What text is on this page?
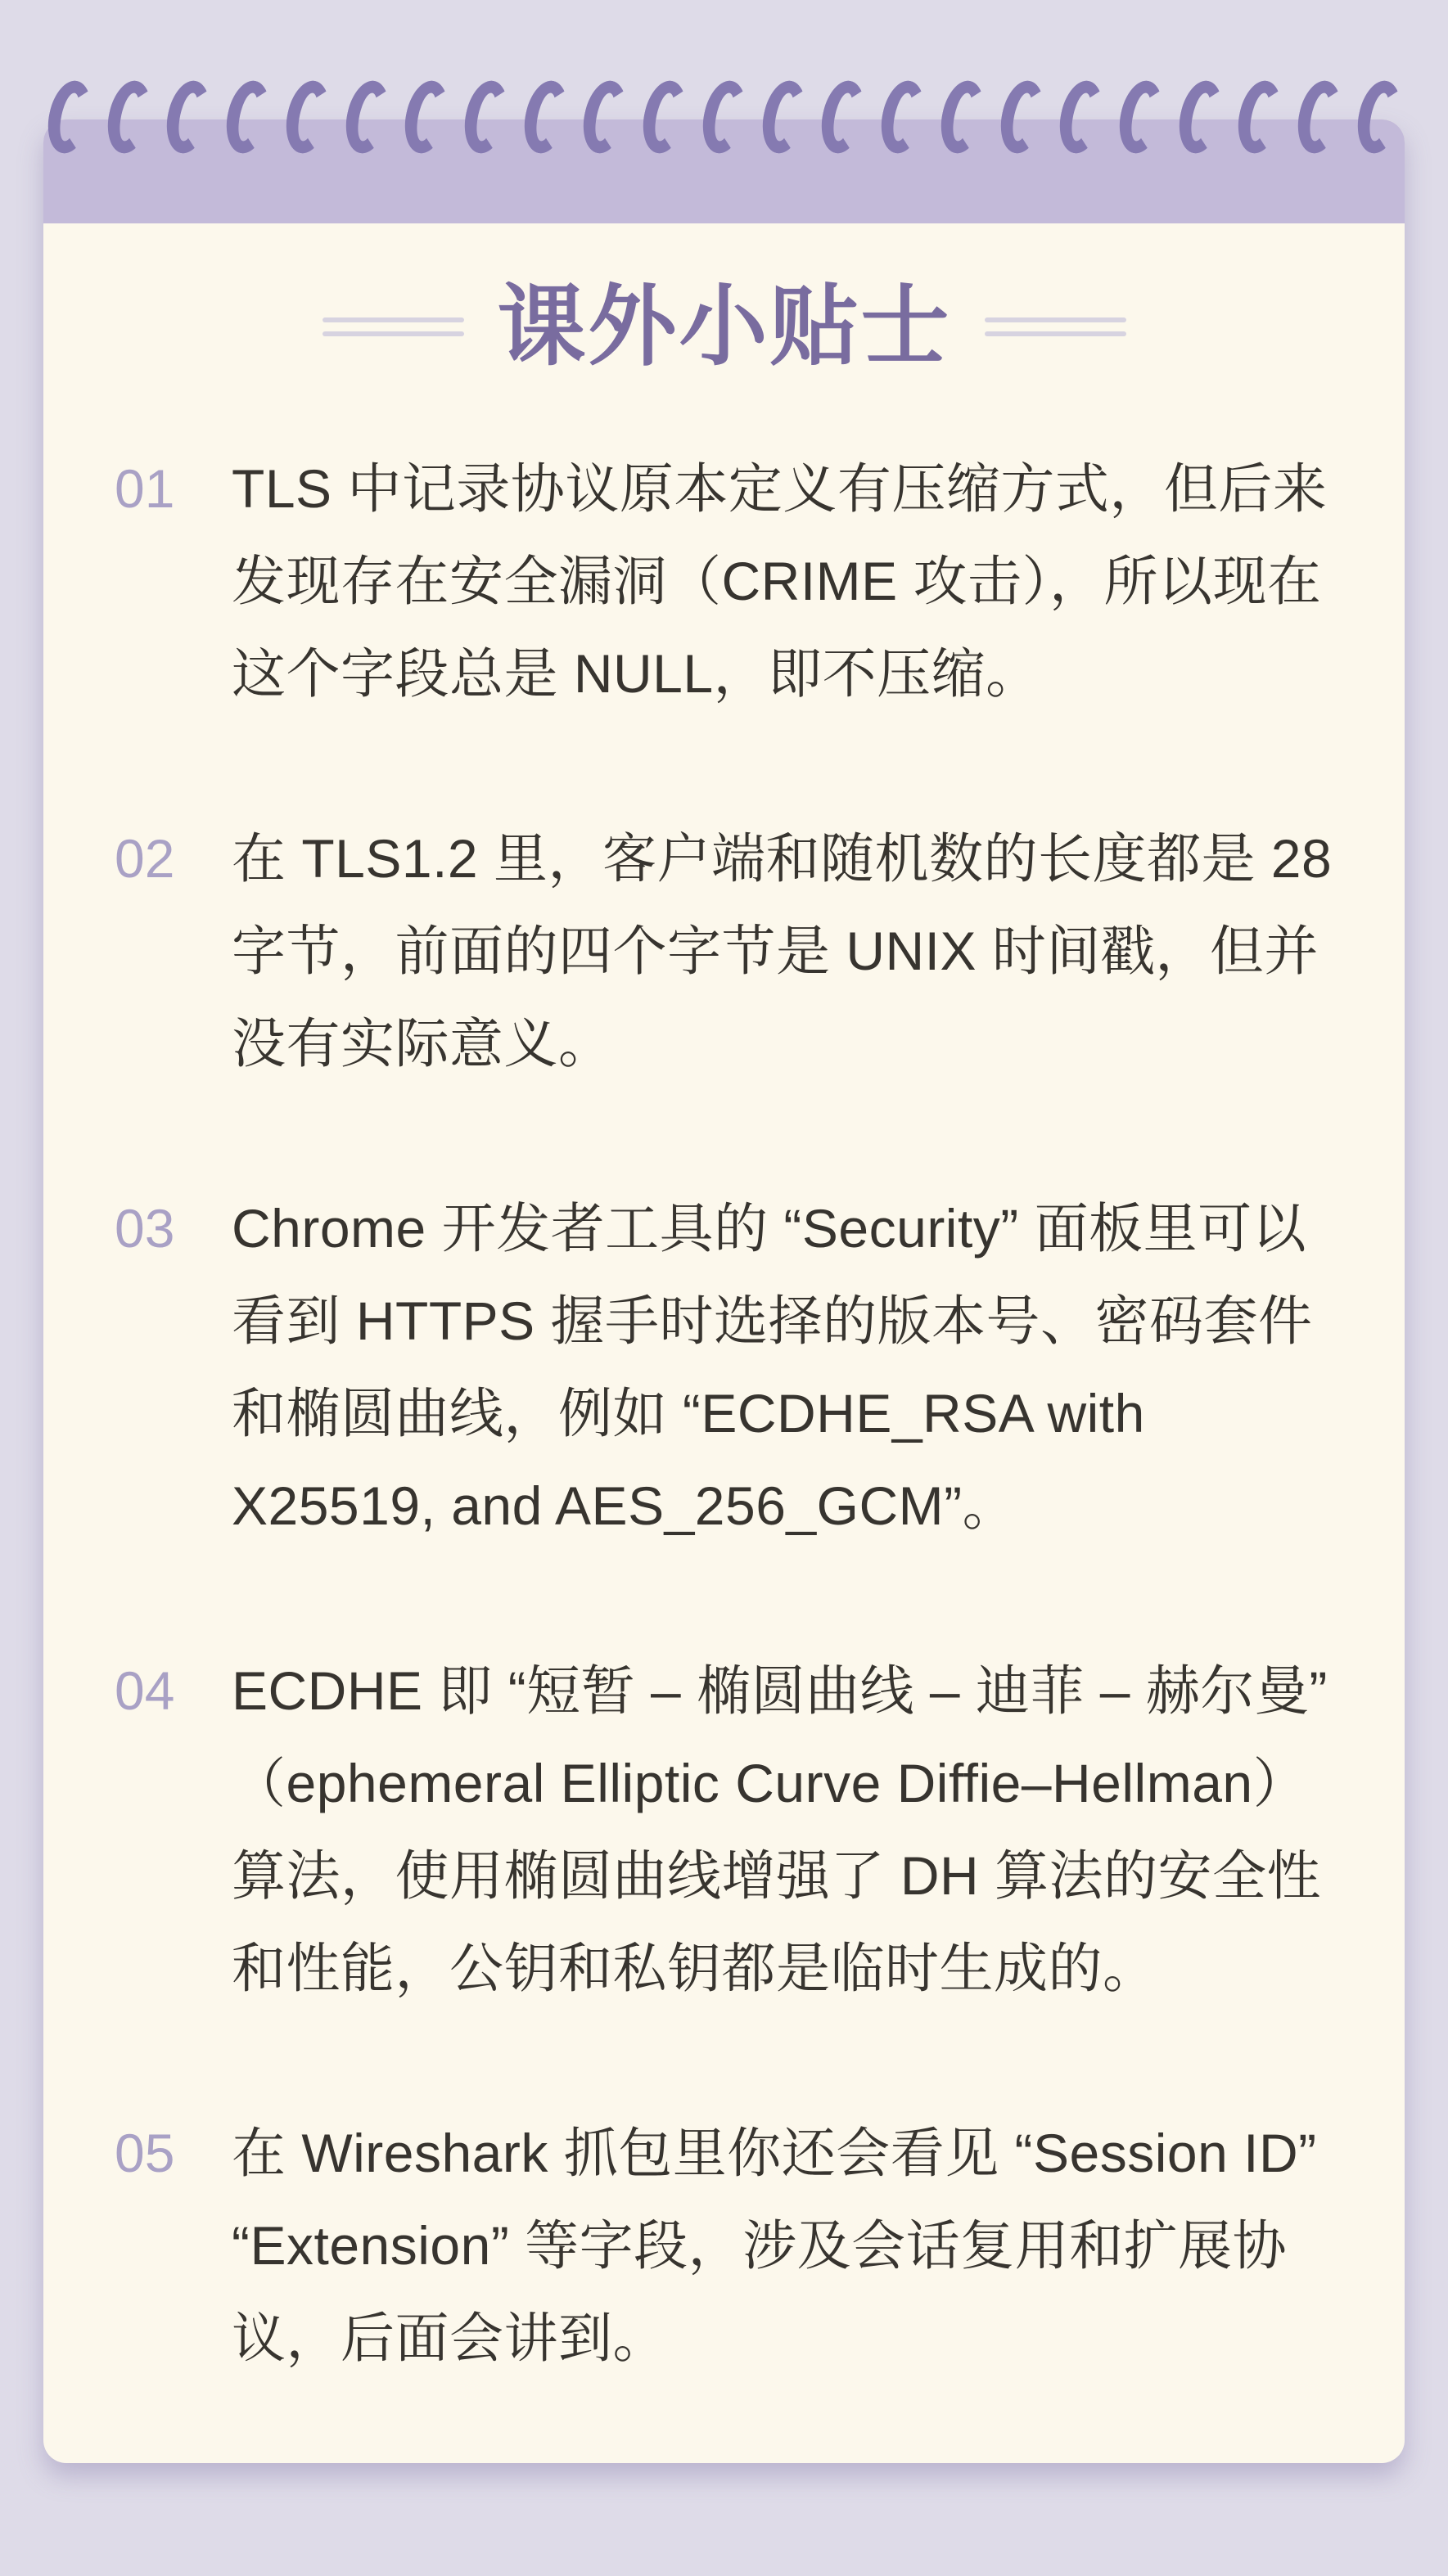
课外小贴士
01 TLS 中记录协议原本定义有压缩方式，但后来发现存在安全漏洞（CRIME 攻击），所以现在这个字段总是 NULL，即不压缩。

02 在 TLS1.2 里，客户端和随机数的长度都是 28 字节，前面的四个字节是 UNIX 时间戳，但并没有实际意义。

03 Chrome 开发者工具的 “Security” 面板里可以看到 HTTPS 握手时选择的版本号、密码套件和椭圆曲线，例如 “ECDHE_RSA with X25519, and AES_256_GCM”。

04 ECDHE 即 “短暂 – 椭圆曲线 – 迪菲 – 赫尔曼”（ephemeral Elliptic Curve Diffie–Hellman）算法，使用椭圆曲线增强了 DH 算法的安全性和性能，公钥和私钥都是临时生成的。

05 在 Wireshark 抓包里你还会看见 “Session ID” “Extension” 等字段，涉及会话复用和扩展协议，后面会讲到。
